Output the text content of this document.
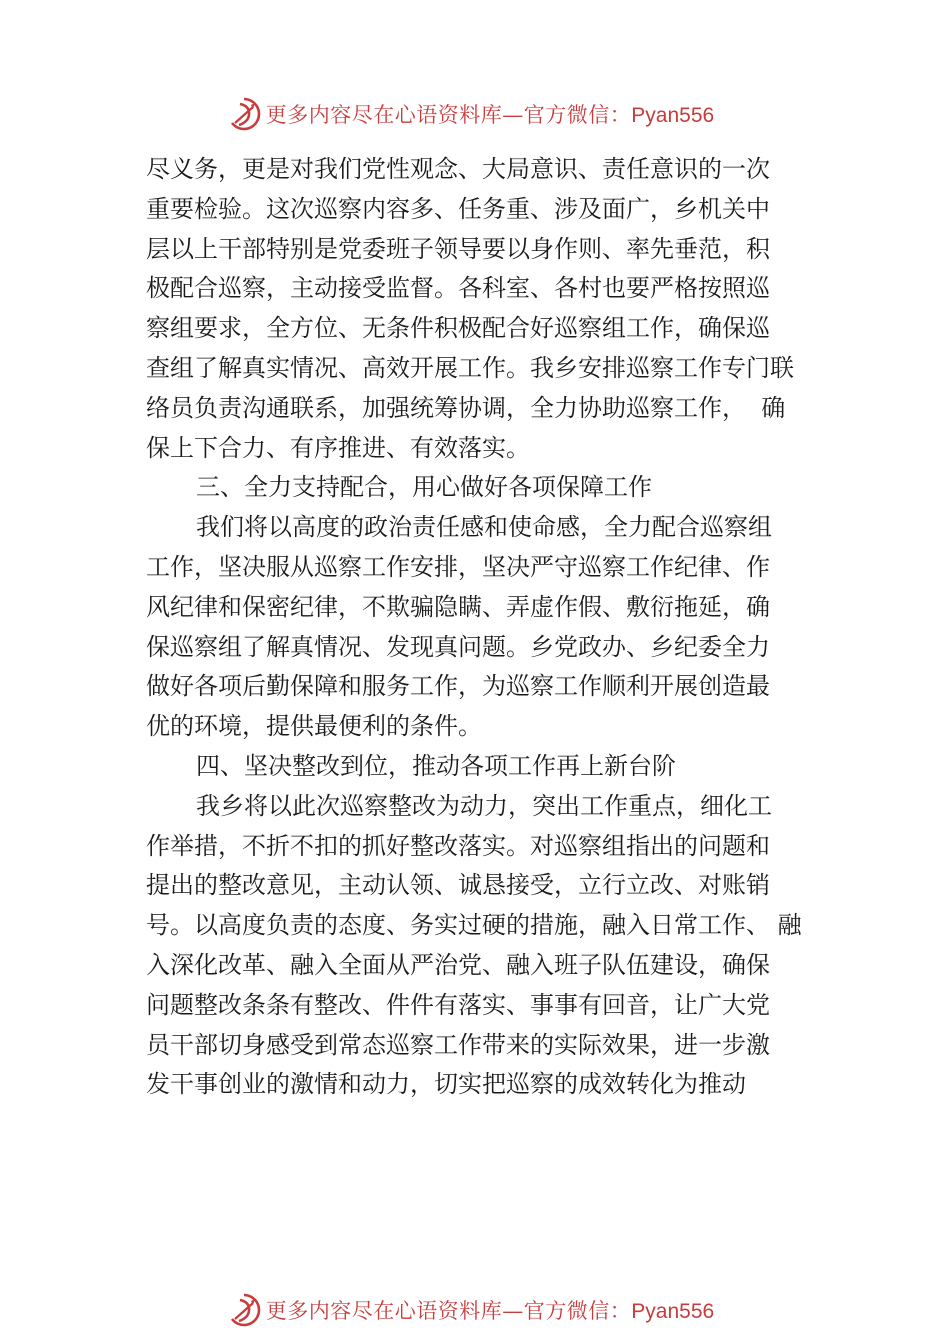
更多内容尽在心语资料库—官方微信：Pyan556
尽义务，更是对我们党性观念、大局意识、责任意识的一次
重要检验。这次巡察内容多、任务重、涉及面广，乡机关中
层以上干部特别是党委班子领导要以身作则、率先垂范，积
极配合巡察，主动接受监督。各科室、各村也要严格按照巡
察组要求，全方位、无条件积极配合好巡察组工作，确保巡
查组了解真实情况、高效开展工作。我乡安排巡察工作专门联
络员负责沟通联系，加强统筹协调，全力协助巡察工作，  确
保上下合力、有序推进、有效落实。
三、全力支持配合，用心做好各项保障工作
我们将以高度的政治责任感和使命感，全力配合巡察组
工作，坚决服从巡察工作安排，坚决严守巡察工作纪律、作
风纪律和保密纪律，不欺骗隐瞒、弄虚作假、敷衍拖延，确
保巡察组了解真情况、发现真问题。乡党政办、乡纪委全力
做好各项后勤保障和服务工作，为巡察工作顺利开展创造最
优的环境，提供最便利的条件。
四、坚决整改到位，推动各项工作再上新台阶
我乡将以此次巡察整改为动力，突出工作重点，细化工
作举措，不折不扣的抓好整改落实。对巡察组指出的问题和
提出的整改意见，主动认领、诚恳接受，立行立改、对账销
号。以高度负责的态度、务实过硬的措施，融入日常工作、 融
入深化改革、融入全面从严治党、融入班子队伍建设，确保
问题整改条条有整改、件件有落实、事事有回音，让广大党
员干部切身感受到常态巡察工作带来的实际效果，进一步激
发干事创业的激情和动力，切实把巡察的成效转化为推动
更多内容尽在心语资料库—官方微信：Pyan556
